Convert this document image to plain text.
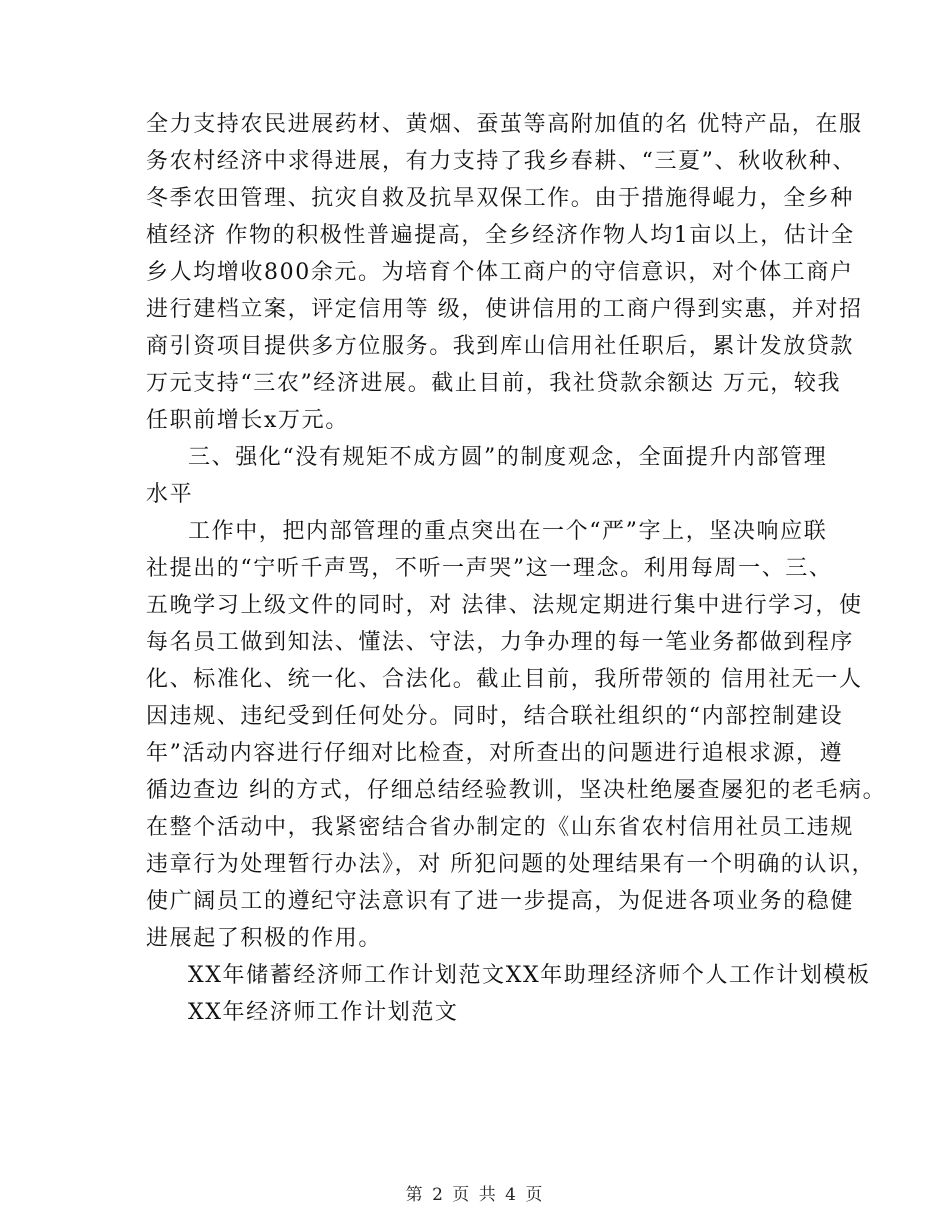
全力支持农民进展药材、黄烟、蚕茧等高附加值的名 优特产品，在服
务农村经济中求得进展，有力支持了我乡春耕、“三夏”、秋收秋种、
冬季农田管理、抗灾自救及抗旱双保工作。由于措施得崐力，全乡种
植经济 作物的积极性普遍提高，全乡经济作物人均1亩以上，估计全
乡人均增收800余元。为培育个体工商户的守信意识，对个体工商户
进行建档立案，评定信用等 级，使讲信用的工商户得到实惠，并对招
商引资项目提供多方位服务。我到库山信用社任职后，累计发放贷款
万元支持“三农”经济进展。截止目前，我社贷款余额达 万元，较我
任职前增长x万元。
三、强化“没有规矩不成方圆”的制度观念，全面提升内部管理
水平
工作中，把内部管理的重点突出在一个“严”字上，坚决响应联
社提出的“宁听千声骂，不听一声哭”这一理念。利用每周一、三、
五晚学习上级文件的同时，对 法律、法规定期进行集中进行学习，使
每名员工做到知法、懂法、守法，力争办理的每一笔业务都做到程序
化、标准化、统一化、合法化。截止目前，我所带领的 信用社无一人
因违规、违纪受到任何处分。同时，结合联社组织的“内部控制建设
年”活动内容进行仔细对比检查，对所查出的问题进行追根求源，遵
循边查边 纠的方式，仔细总结经验教训，坚决杜绝屡查屡犯的老毛病。
在整个活动中，我紧密结合省办制定的《山东省农村信用社员工违规
违章行为处理暂行办法》，对 所犯问题的处理结果有一个明确的认识，
使广阔员工的遵纪守法意识有了进一步提高，为促进各项业务的稳健
进展起了积极的作用。
XX年储蓄经济师工作计划范文XX年助理经济师个人工作计划模板
XX年经济师工作计划范文
第 2 页 共 4 页
